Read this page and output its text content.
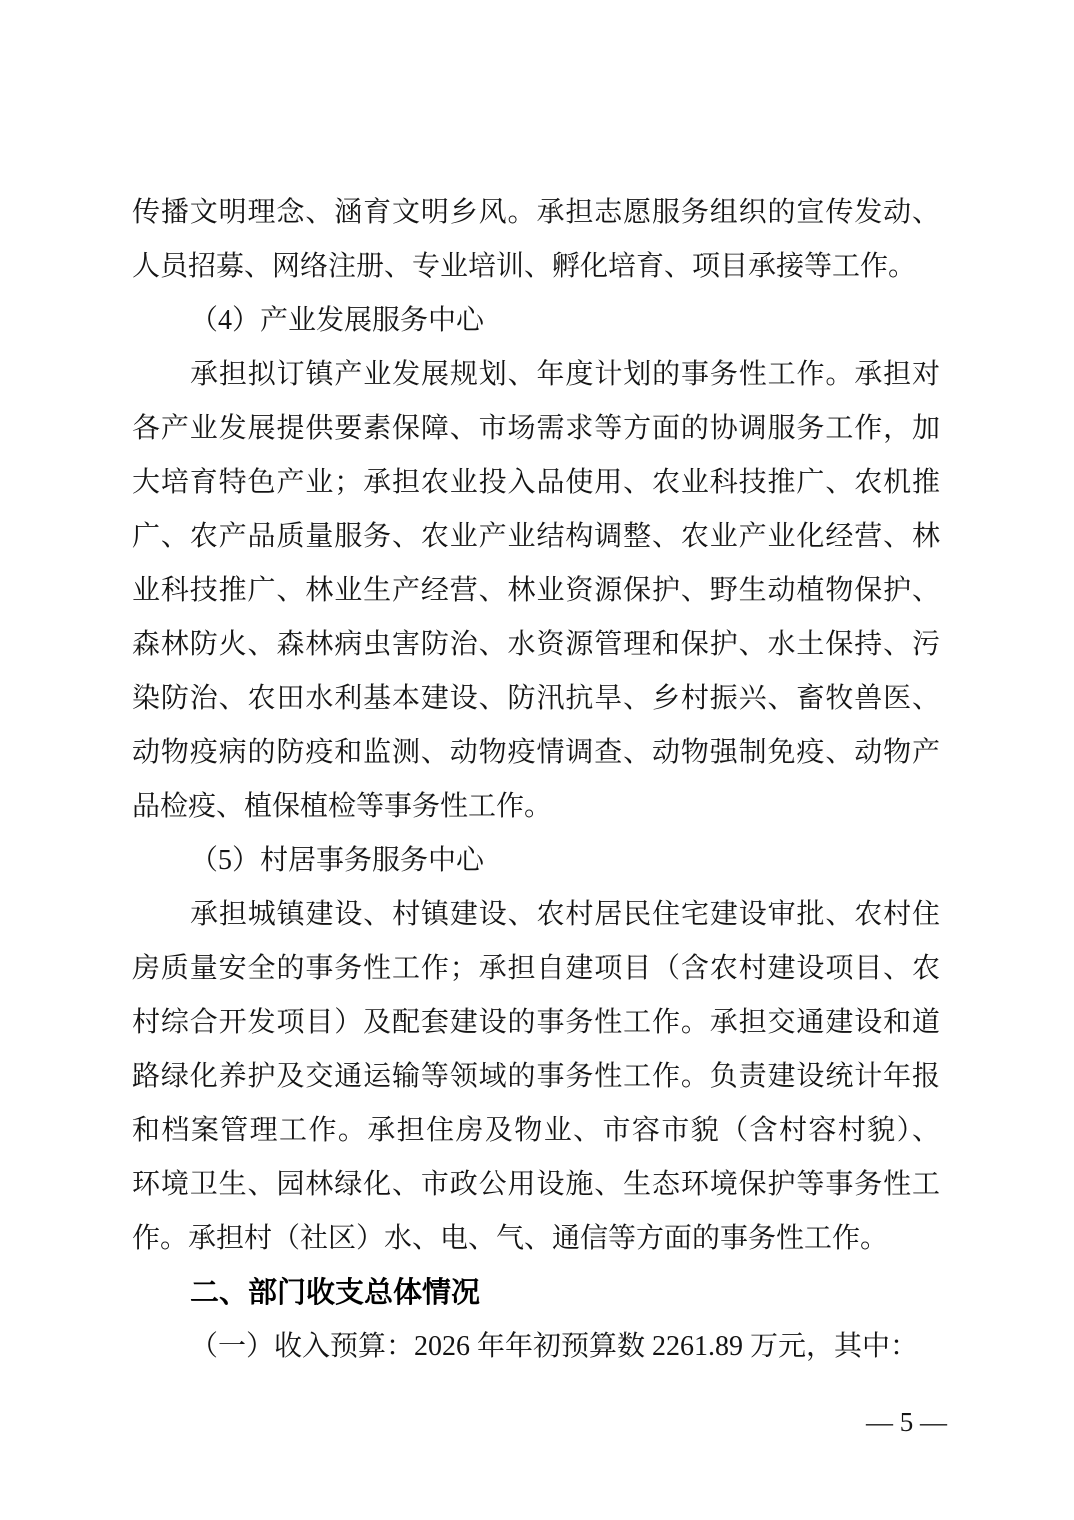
传播文明理念、涵育文明乡风。承担志愿服务组织的宣传发动、
人员招募、网络注册、专业培训、孵化培育、项目承接等工作。
（4）产业发展服务中心
承担拟订镇产业发展规划、年度计划的事务性工作。承担对
各产业发展提供要素保障、市场需求等方面的协调服务工作，加
大培育特色产业；承担农业投入品使用、农业科技推广、农机推
广、农产品质量服务、农业产业结构调整、农业产业化经营、林
业科技推广、林业生产经营、林业资源保护、野生动植物保护、
森林防火、森林病虫害防治、水资源管理和保护、水土保持、污
染防治、农田水利基本建设、防汛抗旱、乡村振兴、畜牧兽医、
动物疫病的防疫和监测、动物疫情调查、动物强制免疫、动物产
品检疫、植保植检等事务性工作。
（5）村居事务服务中心
承担城镇建设、村镇建设、农村居民住宅建设审批、农村住
房质量安全的事务性工作；承担自建项目（含农村建设项目、农
村综合开发项目）及配套建设的事务性工作。承担交通建设和道
路绿化养护及交通运输等领域的事务性工作。负责建设统计年报
和档案管理工作。承担住房及物业、市容市貌（含村容村貌）、
环境卫生、园林绿化、市政公用设施、生态环境保护等事务性工
作。承担村（社区）水、电、气、通信等方面的事务性工作。
二、部门收支总体情况
（一）收入预算：2026 年年初预算数 2261.89 万元，其中：
— 5 —
